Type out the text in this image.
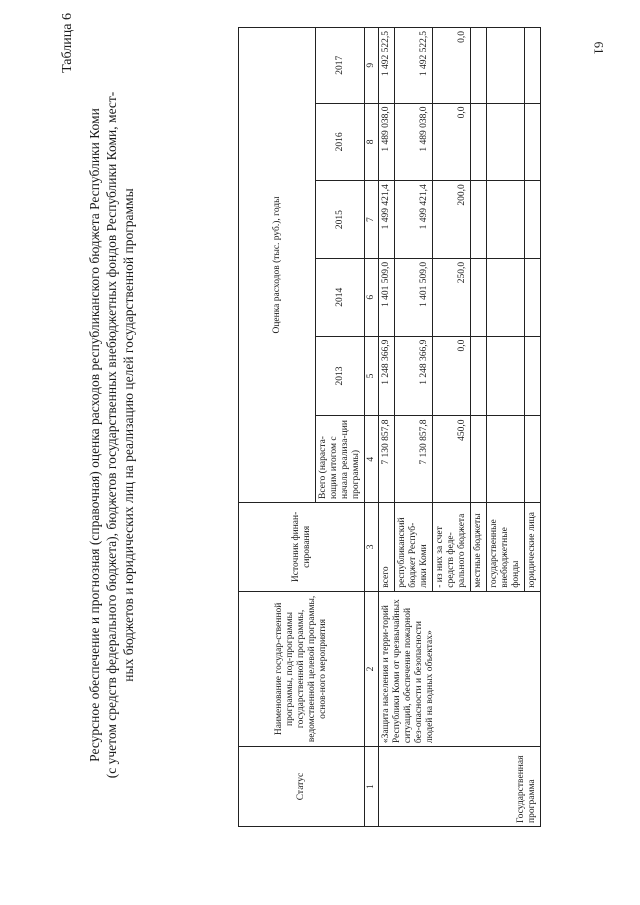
61
Таблица 6
Ресурсное обеспечение и прогнозная (справочная) оценка расходов республиканского бюджета Республики Коми (с учетом средств федерального бюджета), бюджетов государственных внебюджетных фондов Республики Коми, мест- ных бюджетов и юридических лиц на реализацию целей государственной программы
Статус	Наименование государ-ственной программы, под-программы государственной программы, ведомственной целевой программы, основ-ного мероприятия	Источник финан-сирования	Оценка расходов (тыс. руб.), годы					
			Всего (нараста-ющим итогом с начала реализа-ции программы)	2013	2014	2015	2016	2017
1	2	3	4	5	6	7	8	9
Государственная программа	«Защита населения и терри-торий Республики Коми от чрезвычайных ситуаций, обеспечение пожарной без-опасности и безопасности людей на водных объектах»	всего	7 130 857,8	1 248 366,9	1 401 509,0	1 499 421,4	1 489 038,0	1 492 522,5
		республиканский бюджет Респуб-лики Коми	7 130 857,8	1 248 366,9	1 401 509,0	1 499 421,4	1 489 038,0	1 492 522,5
		- из них за счет средств феде-рального бюджета	450,0	0,0	250,0	200,0	0,0	0,0
		местные бюджеты						
		государственные внебюджетные фонды						
		юридические лица						
